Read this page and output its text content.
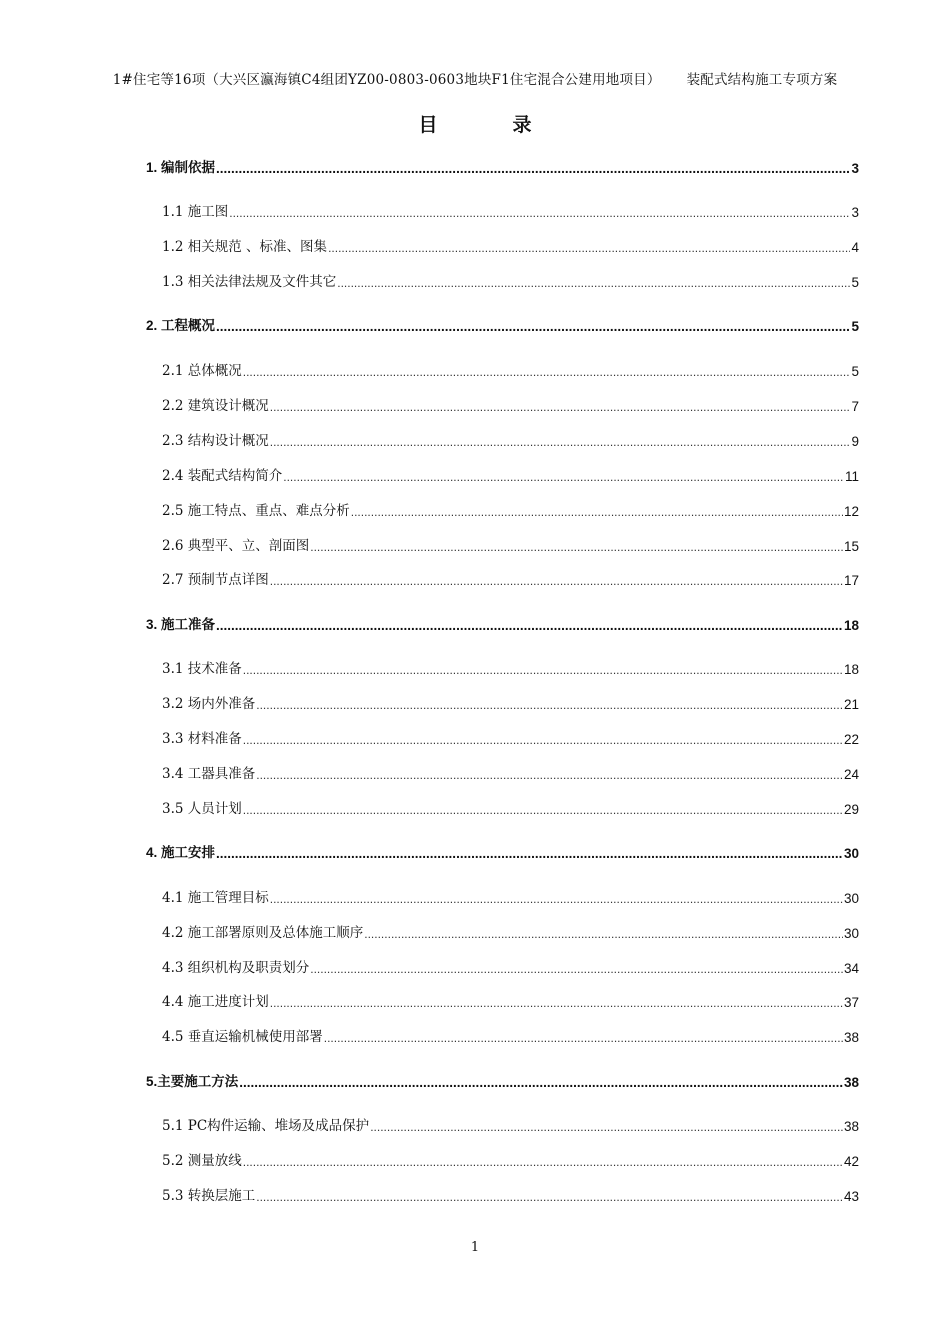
1#住宅等16项（大兴区瀛海镇C4组团YZ00-0803-0603地块F1住宅混合公建用地项目） 装配式结构施工专项方案
目　录
1. 编制依据 .....	3
1.1 施工图 .....	3
1.2 相关规范 、标准、图集 .....	4
1.3 相关法律法规及文件其它 .....	5
2. 工程概况 .....	5
2.1 总体概况 .....	5
2.2 建筑设计概况 .....	7
2.3 结构设计概况 .....	9
2.4 装配式结构简介 .....	11
2.5 施工特点、重点、难点分析 .....	12
2.6 典型平、立、剖面图 .....	15
2.7 预制节点详图 .....	17
3. 施工准备 .....	18
3.1 技术准备 .....	18
3.2 场内外准备 .....	21
3.3 材料准备 .....	22
3.4 工器具准备 .....	24
3.5 人员计划 .....	29
4. 施工安排 .....	30
4.1 施工管理目标 .....	30
4.2 施工部署原则及总体施工顺序 .....	30
4.3 组织机构及职责划分 .....	34
4.4 施工进度计划 .....	37
4.5 垂直运输机械使用部署 .....	38
5.主要施工方法 .....	38
5.1 PC构件运输、堆场及成品保护 .....	38
5.2 测量放线 .....	42
5.3 转换层施工 .....	43
1
